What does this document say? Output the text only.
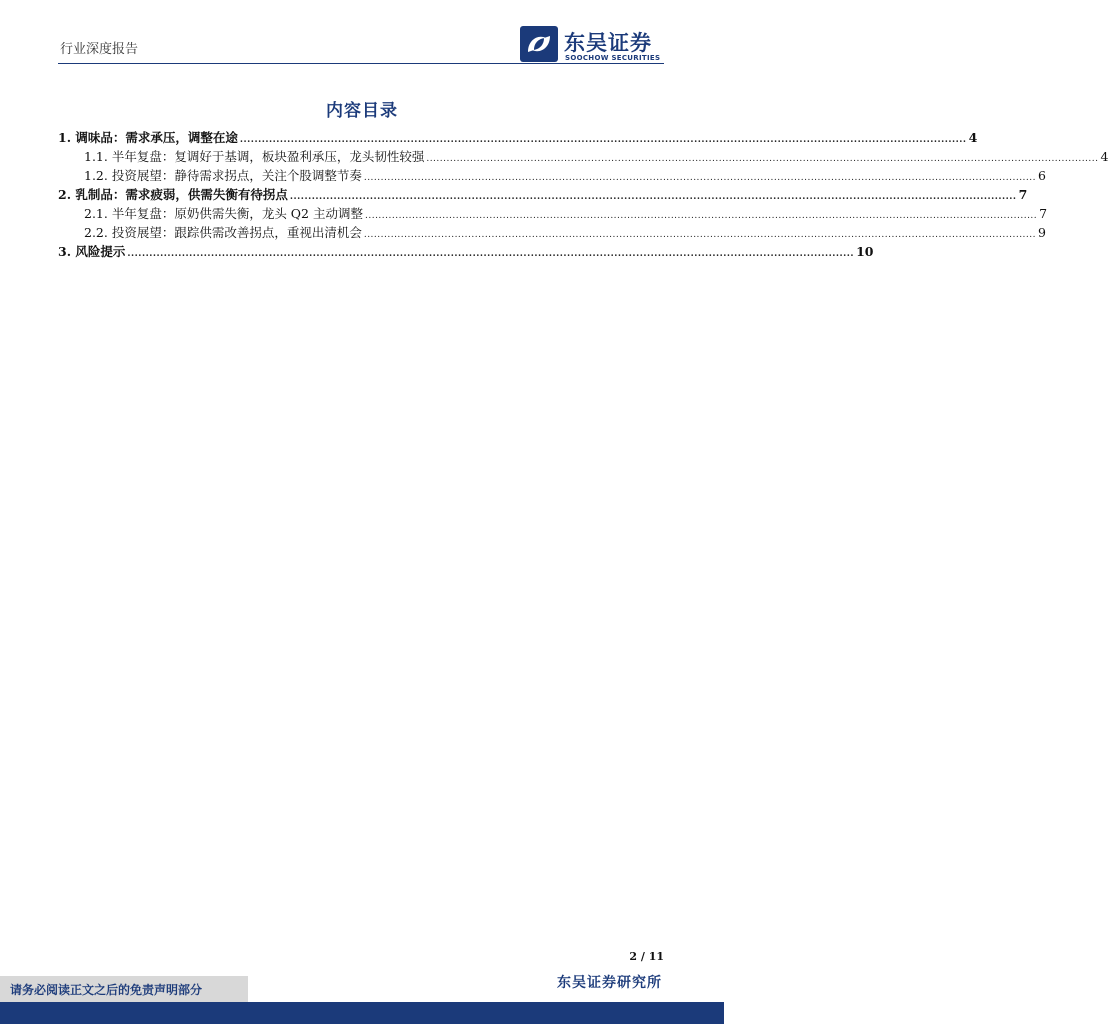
行业深度报告	东吴证券
SOOCHOW SECURITIES
内容目录
1. 调味品：需求承压，调整在途 ........................................................................................................................................................................................................ 4
1.1. 半年复盘：复调好于基调，板块盈利承压，龙头韧性较强 ........................................................................................................................................................................................................ 4
1.2. 投资展望：静待需求拐点，关注个股调整节奏 ........................................................................................................................................................................................................ 6
2. 乳制品：需求疲弱，供需失衡有待拐点 ........................................................................................................................................................................................................ 7
2.1. 半年复盘：原奶供需失衡，龙头 Q2 主动调整 ........................................................................................................................................................................................................ 7
2.2. 投资展望：跟踪供需改善拐点，重视出清机会 ........................................................................................................................................................................................................ 9
3. 风险提示 ........................................................................................................................................................................................................ 10
2 / 11
请务必阅读正文之后的免责声明部分	东吴证券研究所
